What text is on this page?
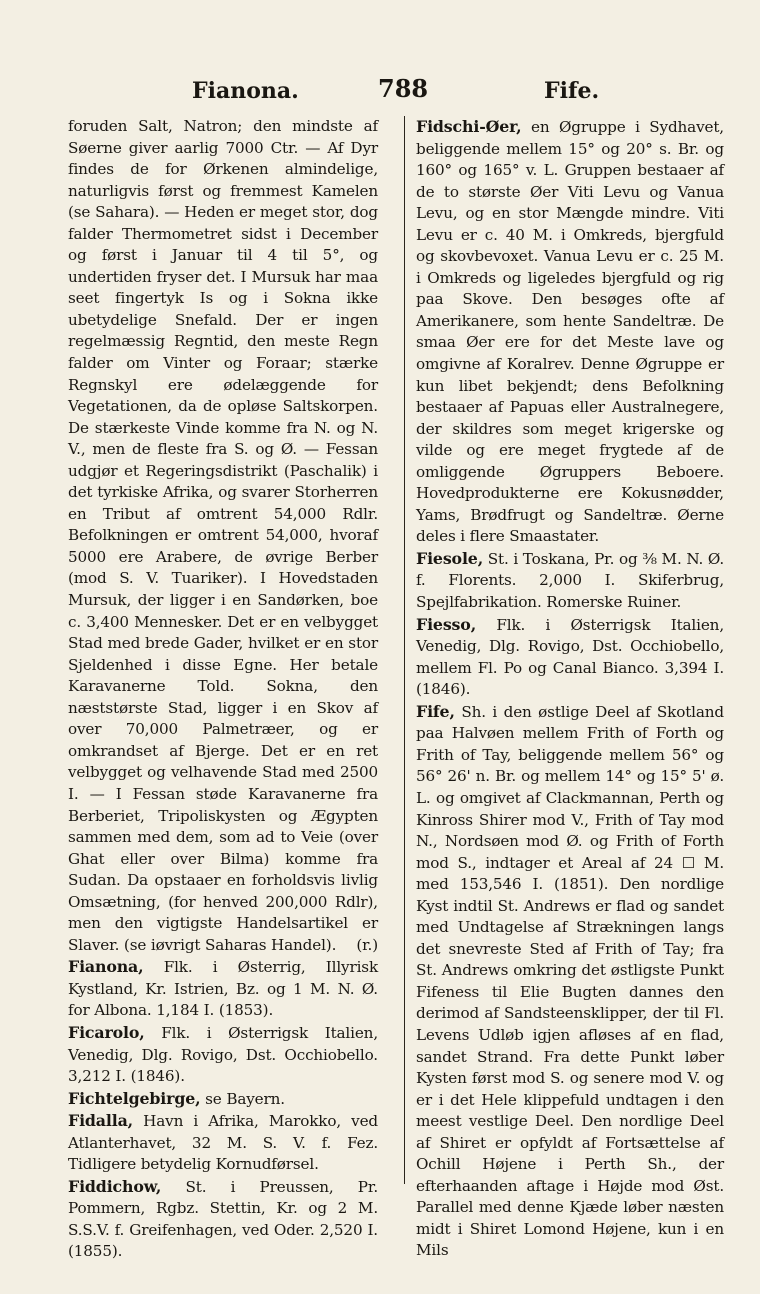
Fianona.	788	Fife.

foruden Salt, Natron; den mindste af Søerne giver aarlig 7000 Ctr. — Af Dyr findes de for Ørkenen almindelige, naturligvis først og fremmest Kamelen (se Sahara). — Heden er meget stor, dog falder Thermometret sidst i December og først i Januar til 4 til 5°, og undertiden fryser det. I Mursuk har maa seet fingertyk Is og i Sokna ikke ubetydelige Snefald. Der er ingen regelmæssig Regntid, den meste Regn falder om Vinter og Foraar; stærke Regnskyl ere ødelæggende for Vegetationen, da de opløse Saltskorpen. De stærkeste Vinde komme fra N. og N. V., men de fleste fra S. og Ø. — Fessan udgjør et Regeringsdistrikt (Paschalik) i det tyrkiske Afrika, og svarer Storherren en Tribut af omtrent 54,000 Rdlr. Befolkningen er omtrent 54,000, hvoraf 5000 ere Arabere, de øvrige Berber (mod S. V. Tuariker). I Hovedstaden Mursuk, der ligger i en Sandørken, boe c. 3,400 Mennesker. Det er en velbygget Stad med brede Gader, hvilket er en stor Sjeldenhed i disse Egne. Her betale Karavanerne Told. Sokna, den næststørste Stad, ligger i en Skov af over 70,000 Palmetræer, og er omkrandset af Bjerge. Det er en ret velbygget og velhavende Stad med 2500 I. — I Fessan støde Karavanerne fra Berberiet, Tripoliskysten og Ægypten sammen med dem, som ad to Veie (over Ghat eller over Bilma) komme fra Sudan. Da opstaaer en forholdsvis livlig Omsætning, (for henved 200,000 Rdlr), men den vigtigste Handelsartikel er Slaver. (se iøvrigt Saharas Handel). (r.)

Fianona, Flk. i Østerrig, Illyrisk Kystland, Kr. Istrien, Bz. og 1 M. N. Ø. for Albona. 1,184 I. (1853).

Ficarolo, Flk. i Østerrigsk Italien, Venedig, Dlg. Rovigo, Dst. Occhiobello. 3,212 I. (1846).

Fichtelgebirge, se Bayern.

Fidalla, Havn i Afrika, Marokko, ved Atlanterhavet, 32 M. S. V. f. Fez. Tidligere betydelig Kornudførsel.

Fiddichow, St. i Preussen, Pr. Pommern, Rgbz. Stettin, Kr. og 2 M. S.S.V. f. Greifenhagen, ved Oder. 2,520 I. (1855).

Fidschi-Øer, en Øgruppe i Sydhavet, beliggende mellem 15° og 20° s. Br. og 160° og 165° v. L. Gruppen bestaaer af de to største Øer Viti Levu og Vanua Levu, og en stor Mængde mindre. Viti Levu er c. 40 M. i Omkreds, bjergfuld og skovbevoxet. Vanua Levu er c. 25 M. i Omkreds og ligeledes bjergfuld og rig paa Skove. Den besøges ofte af Amerikanere, som hente Sandeltræ. De smaa Øer ere for det Meste lave og omgivne af Koralrev. Denne Øgruppe er kun libet bekjendt; dens Befolkning bestaaer af Papuas eller Australnegere, der skildres som meget krigerske og vilde og ere meget frygtede af de omliggende Øgruppers Beboere. Hovedprodukterne ere Kokusnødder, Yams, Brødfrugt og Sandeltræ. Øerne deles i flere Smaastater.

Fiesole, St. i Toskana, Pr. og ⅜ M. N. Ø. f. Florents. 2,000 I. Skiferbrug, Spejlfabrikation. Romerske Ruiner.

Fiesso, Flk. i Østerrigsk Italien, Venedig, Dlg. Rovigo, Dst. Occhiobello, mellem Fl. Po og Canal Bianco. 3,394 I. (1846).

Fife, Sh. i den østlige Deel af Skotland paa Halvøen mellem Frith of Forth og Frith of Tay, beliggende mellem 56° og 56° 26' n. Br. og mellem 14° og 15° 5' ø. L. og omgivet af Clackmannan, Perth og Kinross Shirer mod V., Frith of Tay mod N., Nordsøen mod Ø. og Frith of Forth mod S., indtager et Areal af 24 ☐ M. med 153,546 I. (1851). Den nordlige Kyst indtil St. Andrews er flad og sandet med Undtagelse af Strækningen langs det snevreste Sted af Frith of Tay; fra St. Andrews omkring det østligste Punkt Fifeness til Elie Bugten dannes den derimod af Sandsteensklipper, der til Fl. Levens Udløb igjen afløses af en flad, sandet Strand. Fra dette Punkt løber Kysten først mod S. og senere mod V. og er i det Hele klippefuld undtagen i den meest vestlige Deel. Den nordlige Deel af Shiret er opfyldt af Fortsættelse af Ochill Højene i Perth Sh., der efterhaanden aftage i Højde mod Øst. Parallel med denne Kjæde løber næsten midt i Shiret Lomond Højene, kun i en Mils
